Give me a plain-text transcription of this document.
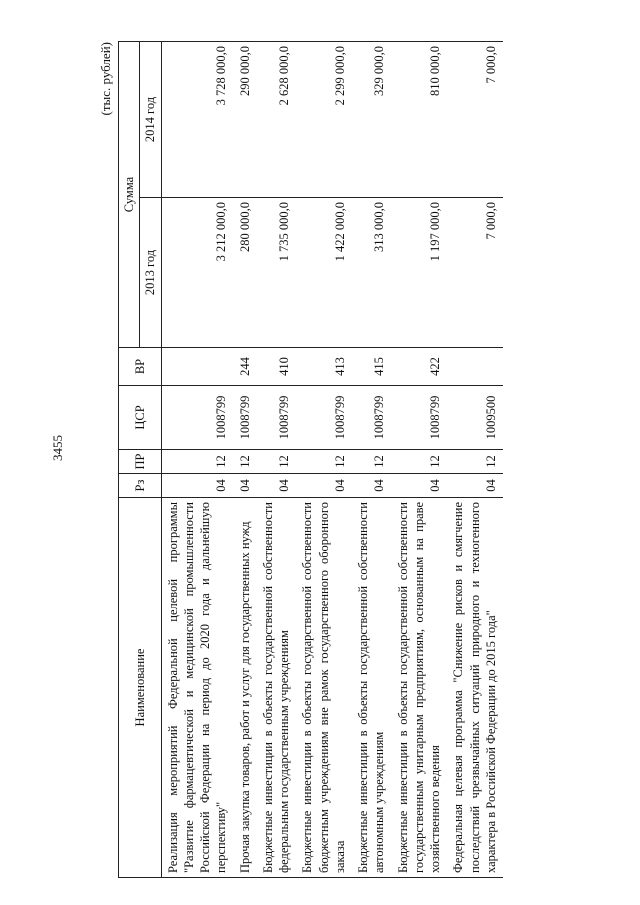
3455
(тыс. рублей)
Наименование	Рз	ПР	ЦСР	ВР	Сумма	
					2013 год	2014 год
Реализация мероприятий Федеральной целевой программы "Развитие фармацевтической и медицинской промышленности Российской Федерации на период до 2020 года и дальнейшую перспективу"	04	12	1008799		3 212 000,0	3 728 000,0
Прочая закупка товаров, работ и услуг для государственных нужд	04	12	1008799	244	280 000,0	290 000,0
Бюджетные инвестиции в объекты государственной собственности федеральным государственным учреждениям	04	12	1008799	410	1 735 000,0	2 628 000,0
Бюджетные инвестиции в объекты государственной собственности бюджетным учреждениям вне рамок государственного оборонного заказа	04	12	1008799	413	1 422 000,0	2 299 000,0
Бюджетные инвестиции в объекты государственной собственности автономным учреждениям	04	12	1008799	415	313 000,0	329 000,0
Бюджетные инвестиции в объекты государственной собственности государственным унитарным предприятиям, основанным на праве хозяйственного ведения	04	12	1008799	422	1 197 000,0	810 000,0
Федеральная целевая программа "Снижение рисков и смягчение последствий чрезвычайных ситуаций природного и техногенного характера в Российской Федерации до 2015 года"	04	12	1009500		7 000,0	7 000,0
